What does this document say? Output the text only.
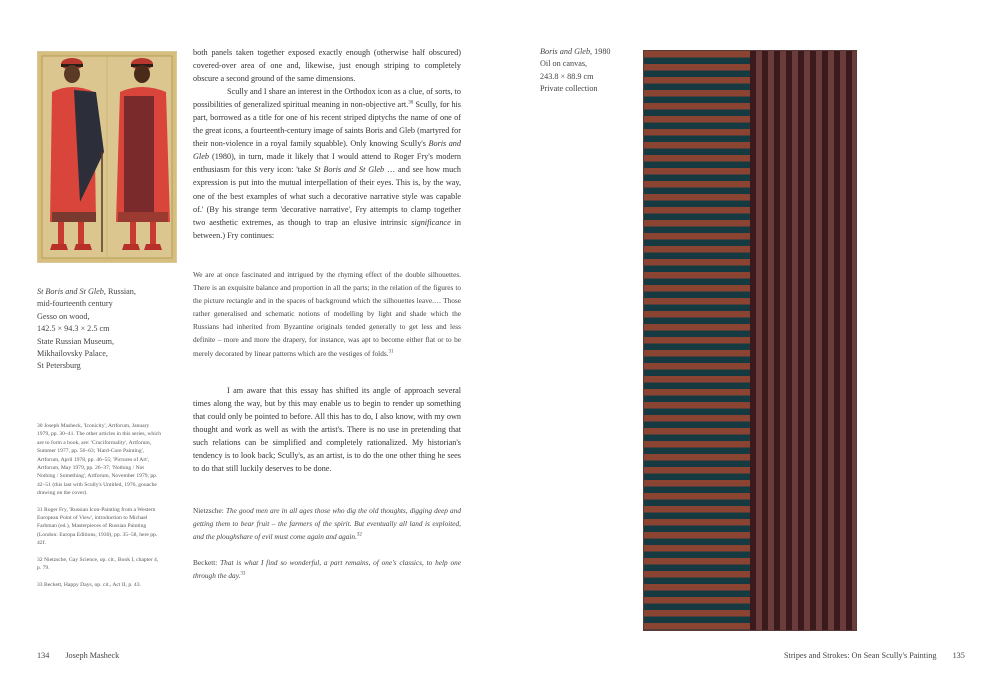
St Boris and St Gleb, Russian,
mid-fourteenth century
Gesso on wood,
142.5 × 94.3 × 2.5 cm
State Russian Museum,
Mikhailovsky Palace,
St Petersburg

30 Joseph Masheck, 'Iconicity', Artforum, January 1979, pp. 30–41. The other articles in this series, which are to form a book, are: 'Cruciformality', Artforum, Summer 1977, pp. 56–63; 'Hard-Core Painting', Artforum, April 1978, pp. 46–55; 'Pictures of Art', Artforum, May 1979, pp. 26–37; 'Nothing / Not Nothing / Something', Artforum, November 1979, pp. 42–51 (this last with Scully's Untitled, 1976, gouache drawing on the cover).

31 Roger Fry, 'Russian Icon-Painting from a Western European Point of View', introduction to Michael Farbman (ed.), Masterpieces of Russian Painting (London: Europa Editions, 1930), pp. 35–58, here pp. 42f.

32 Nietzsche, Gay Science, op. cit., Book I, chapter 4, p. 79.

33 Beckett, Happy Days, op. cit., Act II, p. 43.

both panels taken together exposed exactly enough (otherwise half obscured) covered-over area of one and, likewise, just enough striping to completely obscure a second ground of the same dimensions.

Scully and I share an interest in the Orthodox icon as a clue, of sorts, to possibilities of generalized spiritual meaning in non-objective art.$^{30}$ Scully, for his part, borrowed as a title for one of his recent striped diptychs the name of one of the great icons, a fourteenth-century image of saints Boris and Gleb (martyred for their non-violence in a royal family squabble). Only knowing Scully's Boris and Gleb (1980), in turn, made it likely that I would attend to Roger Fry's modern enthusiasm for this very icon: 'take St Boris and St Gleb … and see how much expression is put into the mutual interpellation of their eyes. This is, by the way, one of the best examples of what such a decorative narrative style was capable of.' (By his strange term 'decorative narrative', Fry attempts to clamp together two aesthetic extremes, as though to trap an elusive intrinsic significance in between.) Fry continues:

We are at once fascinated and intrigued by the rhyming effect of the double silhouettes. There is an exquisite balance and proportion in all the parts; in the relation of the figures to the picture rectangle and in the spaces of background which the silhouettes leave.… Those rather generalised and schematic notions of modelling by light and shade which the Russians had inherited from Byzantine originals tended generally to get less and less definite – more and more the drapery, for instance, was apt to become either flat or to be merely decorated by linear patterns which are the vestiges of folds.$^{31}$

I am aware that this essay has shifted its angle of approach several times along the way, but by this may enable us to begin to render up something that could only be pointed to before. All this has to do, I also know, with my own thought and work as well as with the artist's. There is no use in pretending that such relations can be simplified and completely rationalized. My historian's tendency is to look back; Scully's, as an artist, is to do the one other thing he sees to do that still luckily deserves to be done.

Nietzsche: The good men are in all ages those who dig the old thoughts, digging deep and getting them to bear fruit – the farmers of the spirit. But eventually all land is exploited, and the ploughshare of evil must come again and again.$^{32}$

Beckett: That is what I find so wonderful, a part remains, of one's classics, to help one through the day.$^{33}$

134 Joseph Masheck
Boris and Gleb, 1980
Oil on canvas,
243.8 × 88.9 cm
Private collection
Stripes and Strokes: On Sean Scully's Painting 135
